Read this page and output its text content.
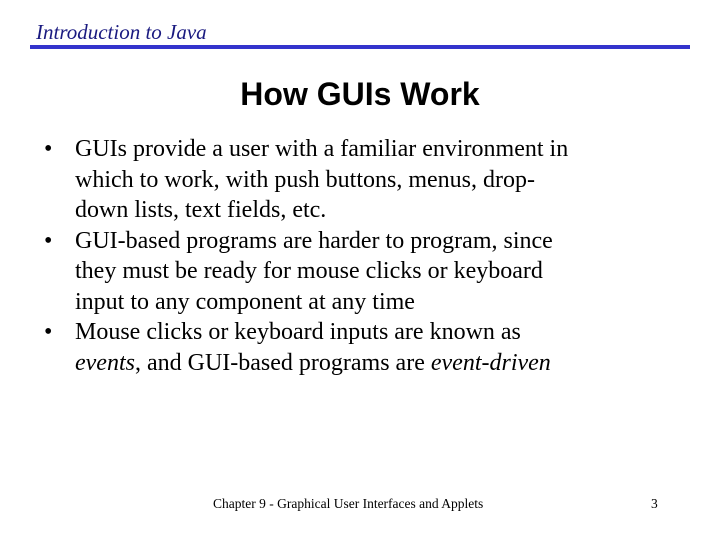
Introduction to Java
How GUIs Work
• GUIs provide a user with a familiar environment in
which to work, with push buttons, menus, drop-
down lists, text fields, etc.
• GUI-based programs are harder to program, since
they must be ready for mouse clicks or keyboard
input to any component at any time
• Mouse clicks or keyboard inputs are known as
events, and GUI-based programs are event-driven
Chapter 9 - Graphical User Interfaces and Applets	3
